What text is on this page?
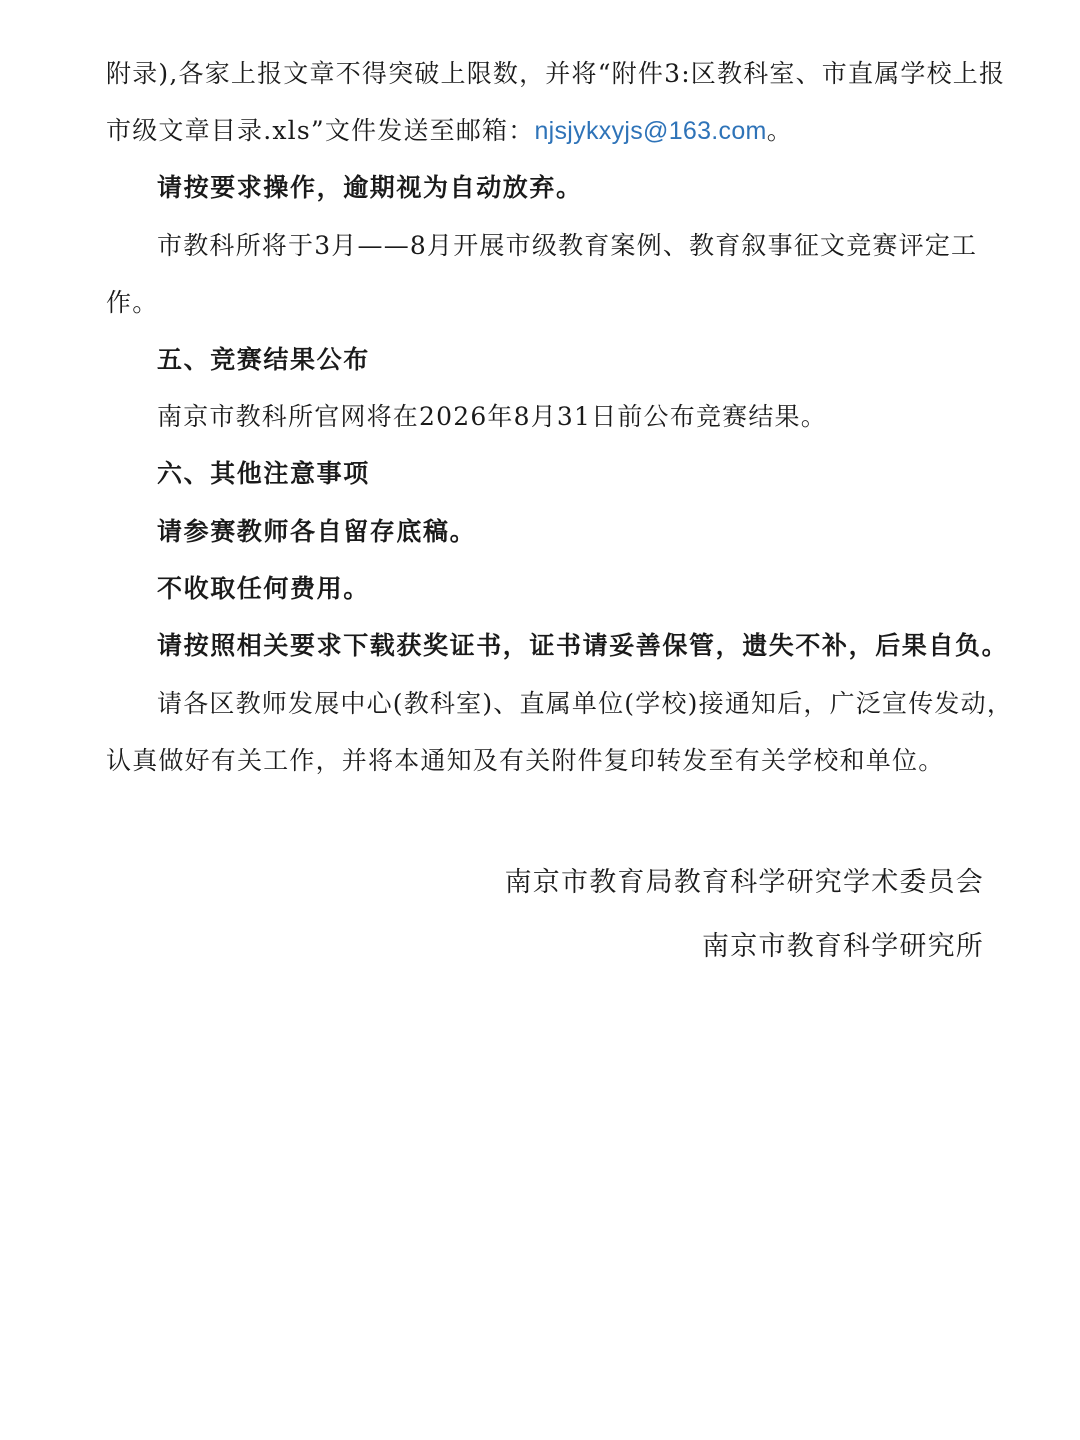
附录),各家上报文章不得突破上限数，并将“附件3:区教科室、市直属学校上报
市级文章目录.xls”文件发送至邮箱：njsjykxyjs@163.com。
请按要求操作，逾期视为自动放弃。
市教科所将于3月——8月开展市级教育案例、教育叙事征文竞赛评定工
作。
五、竞赛结果公布
南京市教科所官网将在2026年8月31日前公布竞赛结果。
六、其他注意事项
请参赛教师各自留存底稿。
不收取任何费用。
请按照相关要求下载获奖证书，证书请妥善保管，遗失不补，后果自负。
请各区教师发展中心(教科室)、直属单位(学校)接通知后，广泛宣传发动，
认真做好有关工作，并将本通知及有关附件复印转发至有关学校和单位。
南京市教育局教育科学研究学术委员会
南京市教育科学研究所
